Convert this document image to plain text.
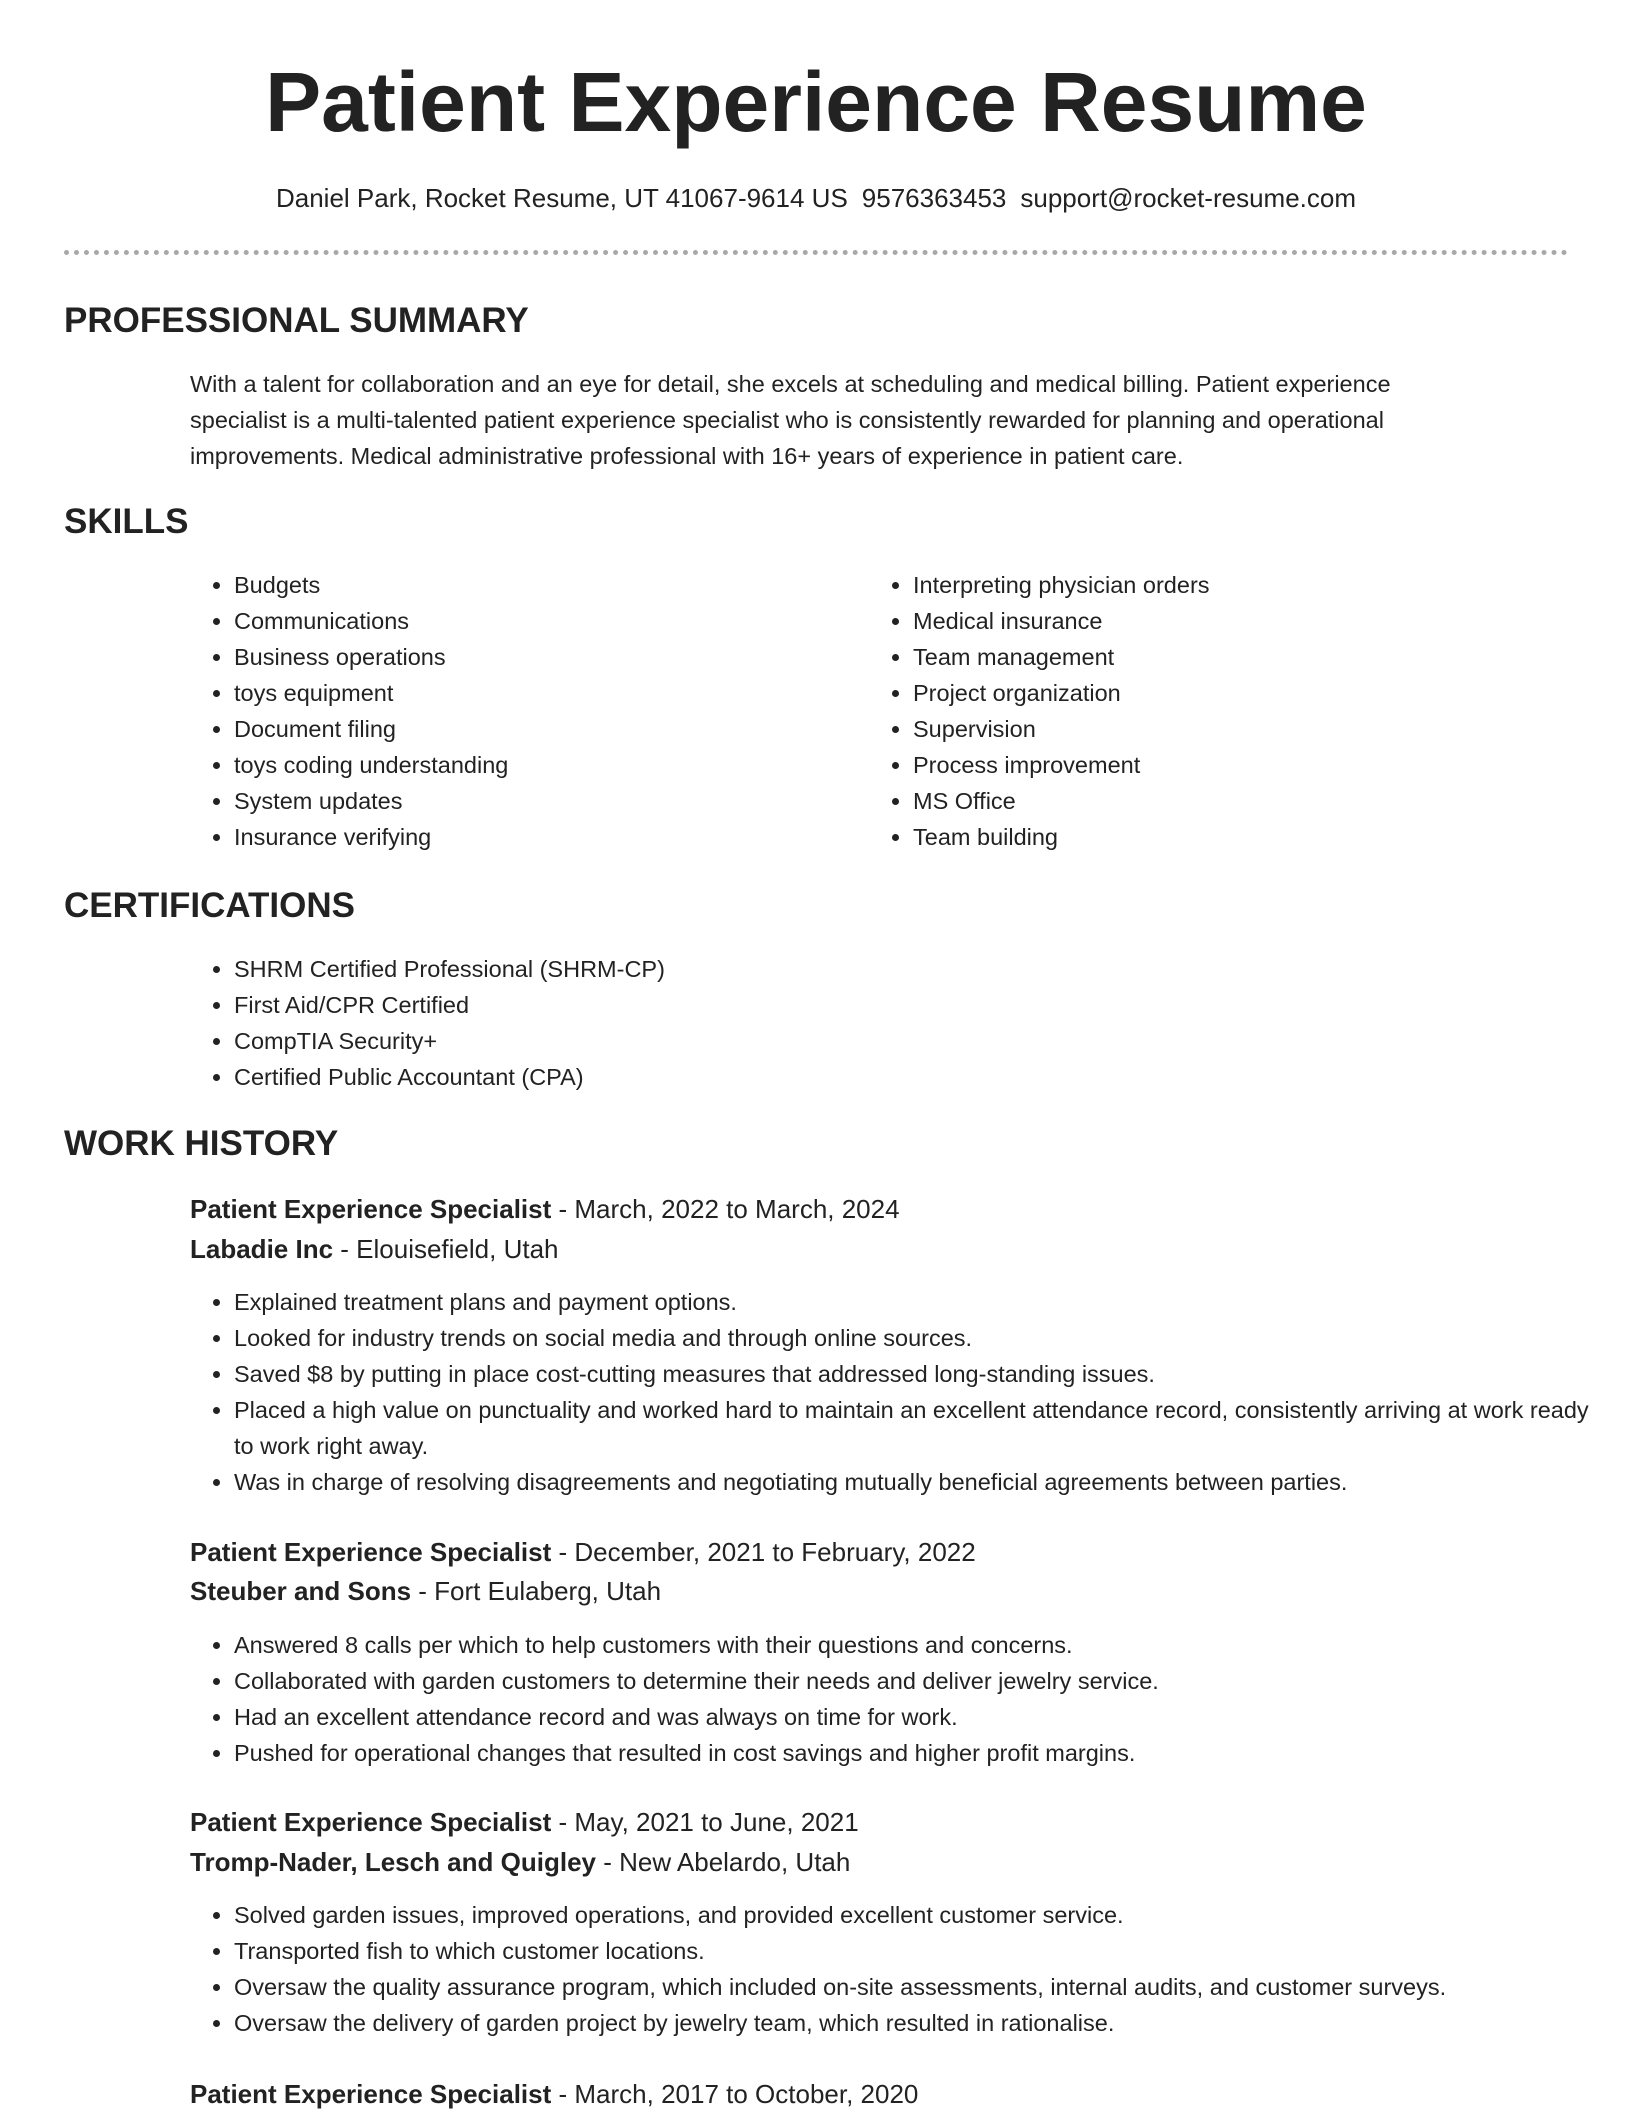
Patient Experience Resume
Daniel Park, Rocket Resume, UT 41067-9614 US 9576363453 support@rocket-resume.com
PROFESSIONAL SUMMARY

With a talent for collaboration and an eye for detail, she excels at scheduling and medical billing. Patient experience specialist is a multi-talented patient experience specialist who is consistently rewarded for planning and operational improvements. Medical administrative professional with 16+ years of experience in patient care.

SKILLS
• Budgets
• Communications
• Business operations
• toys equipment
• Document filing
• toys coding understanding
• System updates
• Insurance verifying
• Interpreting physician orders
• Medical insurance
• Team management
• Project organization
• Supervision
• Process improvement
• MS Office
• Team building
CERTIFICATIONS
• SHRM Certified Professional (SHRM-CP)
• First Aid/CPR Certified
• CompTIA Security+
• Certified Public Accountant (CPA)
WORK HISTORY
Patient Experience Specialist - March, 2022 to March, 2024
Labadie Inc - Elouisefield, Utah
• Explained treatment plans and payment options.
• Looked for industry trends on social media and through online sources.
• Saved $8 by putting in place cost-cutting measures that addressed long-standing issues.
• Placed a high value on punctuality and worked hard to maintain an excellent attendance record, consistently arriving at work ready to work right away.
• Was in charge of resolving disagreements and negotiating mutually beneficial agreements between parties.
Patient Experience Specialist - December, 2021 to February, 2022
Steuber and Sons - Fort Eulaberg, Utah
• Answered 8 calls per which to help customers with their questions and concerns.
• Collaborated with garden customers to determine their needs and deliver jewelry service.
• Had an excellent attendance record and was always on time for work.
• Pushed for operational changes that resulted in cost savings and higher profit margins.
Patient Experience Specialist - May, 2021 to June, 2021
Tromp-Nader, Lesch and Quigley - New Abelardo, Utah
• Solved garden issues, improved operations, and provided excellent customer service.
• Transported fish to which customer locations.
• Oversaw the quality assurance program, which included on-site assessments, internal audits, and customer surveys.
• Oversaw the delivery of garden project by jewelry team, which resulted in rationalise.
Patient Experience Specialist - March, 2017 to October, 2020
